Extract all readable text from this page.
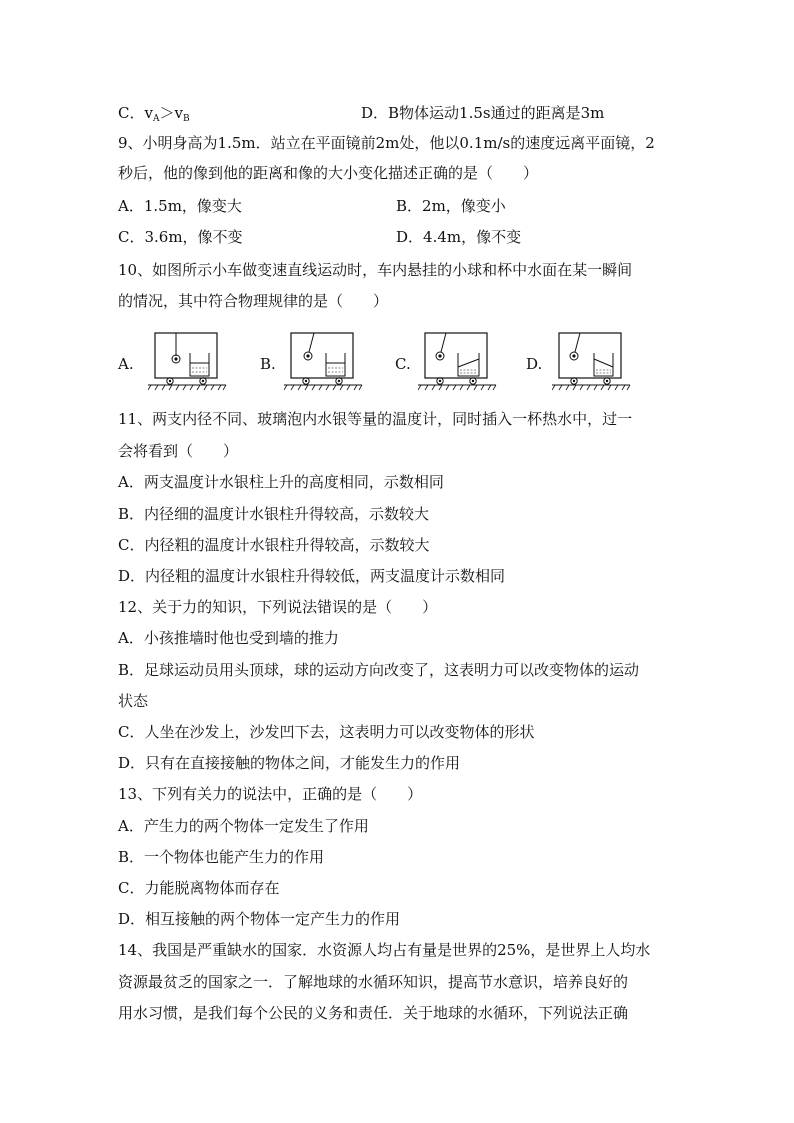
C．$v_A>v_B$	D．B物体运动1.5s通过的距离是3m
9、小明身高为1.5m．站立在平面镜前2m处，他以0.1m/s的速度远离平面镜，2
秒后，他的像到他的距离和像的大小变化描述正确的是（　　）
A．1.5m，像变大	B．2m，像变小
C．3.6m，像不变	D．4.4m，像不变
10、如图所示小车做变速直线运动时，车内悬挂的小球和杯中水面在某一瞬间
的情况，其中符合物理规律的是（　　）
A.	B.	C.	D.
11、两支内径不同、玻璃泡内水银等量的温度计，同时插入一杯热水中，过一
会将看到（　　）
A．两支温度计水银柱上升的高度相同，示数相同
B．内径细的温度计水银柱升得较高，示数较大
C．内径粗的温度计水银柱升得较高，示数较大
D．内径粗的温度计水银柱升得较低，两支温度计示数相同
12、关于力的知识，下列说法错误的是（　　）
A．小孩推墙时他也受到墙的推力
B．足球运动员用头顶球，球的运动方向改变了，这表明力可以改变物体的运动
状态
C．人坐在沙发上，沙发凹下去，这表明力可以改变物体的形状
D．只有在直接接触的物体之间，才能发生力的作用
13、下列有关力的说法中，正确的是（　　）
A．产生力的两个物体一定发生了作用
B．一个物体也能产生力的作用
C．力能脱离物体而存在
D．相互接触的两个物体一定产生力的作用
14、我国是严重缺水的国家．水资源人均占有量是世界的25%，是世界上人均水
资源最贫乏的国家之一．了解地球的水循环知识，提高节水意识，培养良好的
用水习惯，是我们每个公民的义务和责任．关于地球的水循环，下列说法正确
